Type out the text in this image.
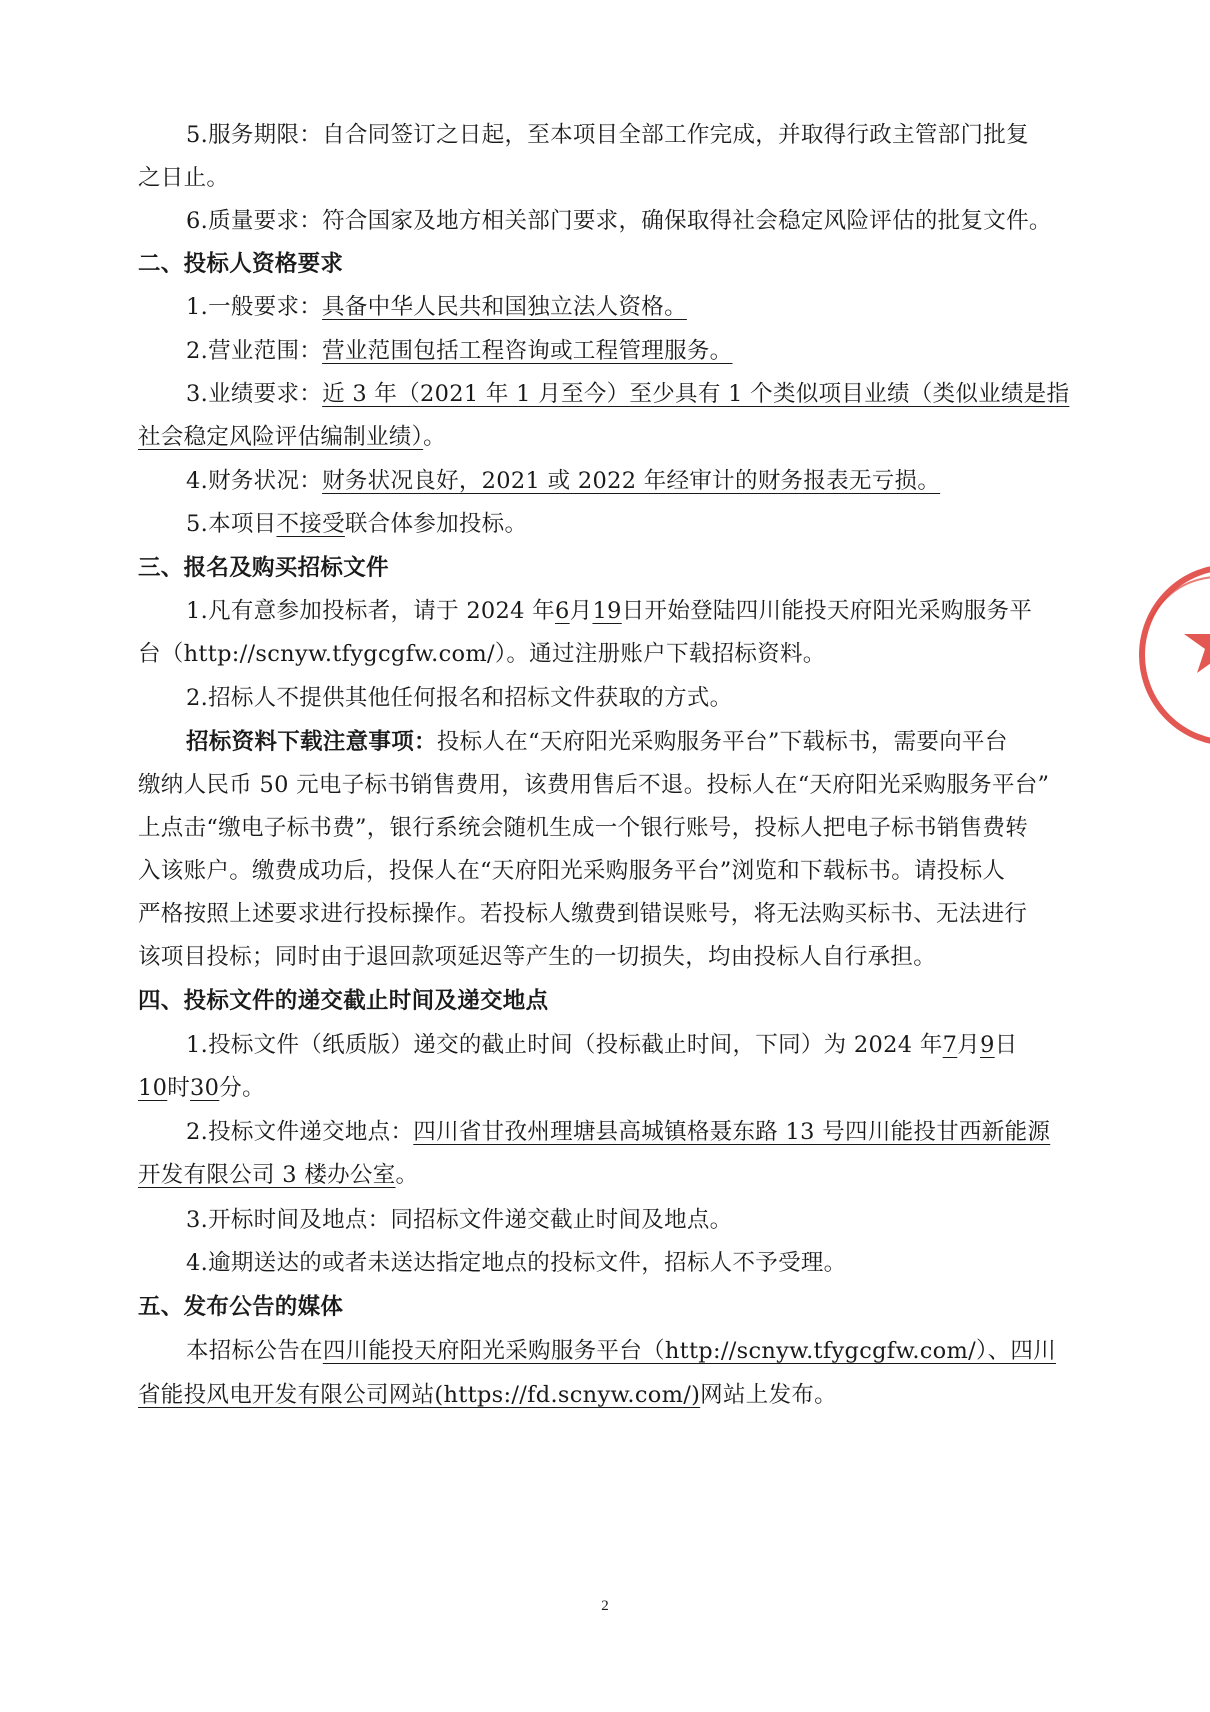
5.服务期限：自合同签订之日起，至本项目全部工作完成，并取得行政主管部门批复
之日止。
6.质量要求：符合国家及地方相关部门要求，确保取得社会稳定风险评估的批复文件。
二、投标人资格要求
1.一般要求：具备中华人民共和国独立法人资格。
2.营业范围：营业范围包括工程咨询或工程管理服务。
3.业绩要求：近 3 年（2021 年 1 月至今）至少具有 1 个类似项目业绩（类似业绩是指
社会稳定风险评估编制业绩）。
4.财务状况：财务状况良好，2021 或 2022 年经审计的财务报表无亏损。
5.本项目不接受联合体参加投标。
三、报名及购买招标文件
1.凡有意参加投标者，请于 2024 年6月19日开始登陆四川能投天府阳光采购服务平
台（http://scnyw.tfygcgfw.com/）。通过注册账户下载招标资料。
2.招标人不提供其他任何报名和招标文件获取的方式。
招标资料下载注意事项：投标人在“天府阳光采购服务平台”下载标书，需要向平台
缴纳人民币 50 元电子标书销售费用，该费用售后不退。投标人在“天府阳光采购服务平台”
上点击“缴电子标书费”，银行系统会随机生成一个银行账号，投标人把电子标书销售费转
入该账户。缴费成功后，投保人在“天府阳光采购服务平台”浏览和下载标书。请投标人
严格按照上述要求进行投标操作。若投标人缴费到错误账号，将无法购买标书、无法进行
该项目投标；同时由于退回款项延迟等产生的一切损失，均由投标人自行承担。
四、投标文件的递交截止时间及递交地点
1.投标文件（纸质版）递交的截止时间（投标截止时间，下同）为 2024 年7月9日
10时30分。
2.投标文件递交地点：四川省甘孜州理塘县高城镇格聂东路 13 号四川能投甘西新能源
开发有限公司 3 楼办公室。
3.开标时间及地点：同招标文件递交截止时间及地点。
4.逾期送达的或者未送达指定地点的投标文件，招标人不予受理。
五、发布公告的媒体
本招标公告在四川能投天府阳光采购服务平台（http://scnyw.tfygcgfw.com/）、四川
省能投风电开发有限公司网站(https://fd.scnyw.com/)网站上发布。
2
